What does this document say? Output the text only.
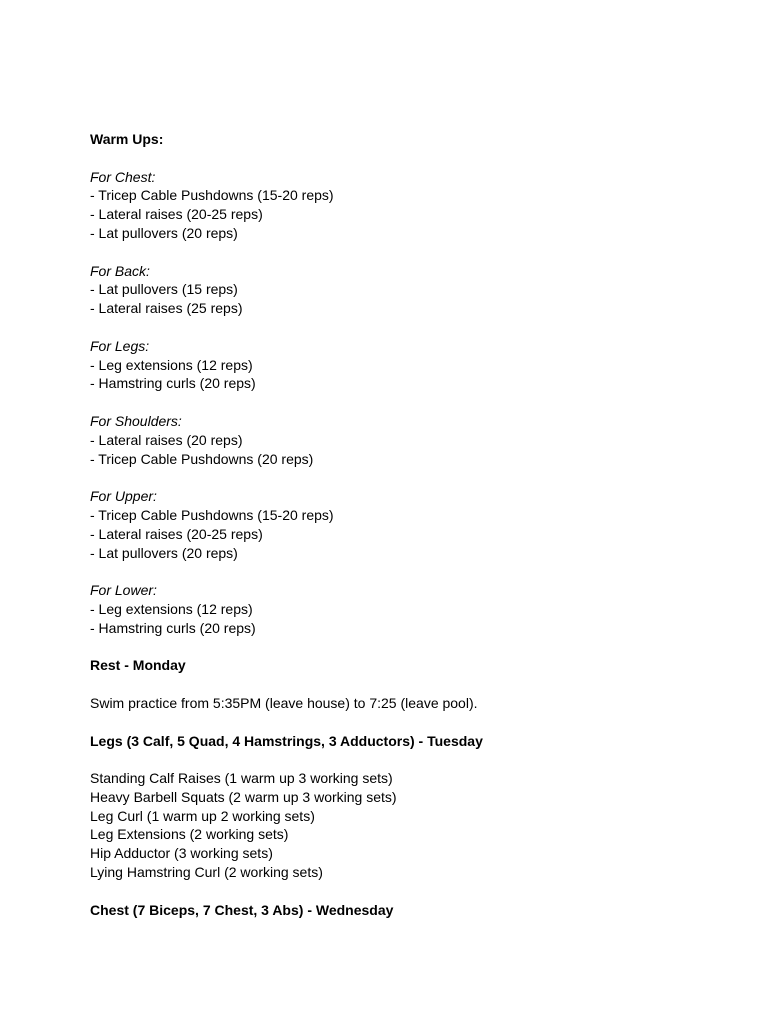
Warm Ups:
For Chest:
- Tricep Cable Pushdowns (15-20 reps)
- Lateral raises (20-25 reps)
- Lat pullovers (20 reps)
For Back:
- Lat pullovers (15 reps)
- Lateral raises (25 reps)
For Legs:
- Leg extensions (12 reps)
- Hamstring curls (20 reps)
For Shoulders:
- Lateral raises (20 reps)
- Tricep Cable Pushdowns (20 reps)
For Upper:
- Tricep Cable Pushdowns (15-20 reps)
- Lateral raises (20-25 reps)
- Lat pullovers (20 reps)
For Lower:
- Leg extensions (12 reps)
- Hamstring curls (20 reps)
Rest - Monday
Swim practice from 5:35PM (leave house) to 7:25 (leave pool).
Legs (3 Calf, 5 Quad, 4 Hamstrings, 3 Adductors) - Tuesday
Standing Calf Raises (1 warm up 3 working sets)
Heavy Barbell Squats (2 warm up 3 working sets)
Leg Curl (1 warm up 2 working sets)
Leg Extensions (2 working sets)
Hip Adductor (3 working sets)
Lying Hamstring Curl (2 working sets)
Chest (7 Biceps, 7 Chest, 3 Abs) - Wednesday
